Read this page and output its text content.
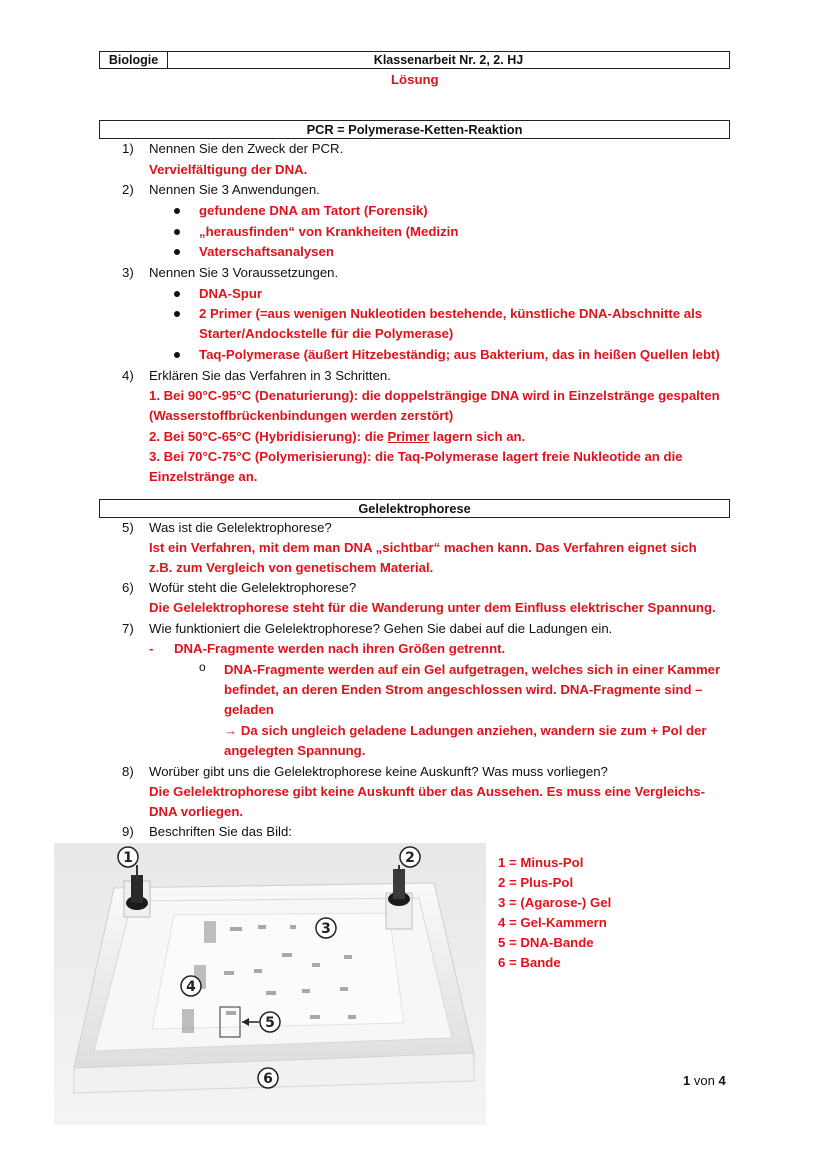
Biologie	Klassenarbeit Nr. 2, 2. HJ
Lösung
PCR = Polymerase-Ketten-Reaktion
1) Nennen Sie den Zweck der PCR.
Vervielfältigung der DNA.
2) Nennen Sie 3 Anwendungen.
gefundene DNA am Tatort (Forensik)
„herausfinden“ von Krankheiten (Medizin
Vaterschaftsanalysen
3) Nennen Sie 3 Voraussetzungen.
DNA-Spur
2 Primer (=aus wenigen Nukleotiden bestehende, künstliche DNA-Abschnitte als
Starter/Andockstelle für die Polymerase)
Taq-Polymerase (äußert Hitzebeständig; aus Bakterium, das in heißen Quellen lebt)
4) Erklären Sie das Verfahren in 3 Schritten.
1. Bei 90°C-95°C (Denaturierung): die doppelsträngige DNA wird in Einzelstränge gespalten
(Wasserstoffbrückenbindungen werden zerstört)
2. Bei 50°C-65°C (Hybridisierung): die Primer lagern sich an.
3. Bei 70°C-75°C (Polymerisierung): die Taq-Polymerase lagert freie Nukleotide an die
Einzelstränge an.
Gelelektrophorese
5) Was ist die Gelelektrophorese?
Ist ein Verfahren, mit dem man DNA „sichtbar“ machen kann. Das Verfahren eignet sich
z.B. zum Vergleich von genetischem Material.
6) Wofür steht die Gelelektrophorese?
Die Gelelektrophorese steht für die Wanderung unter dem Einfluss elektrischer Spannung.
7) Wie funktioniert die Gelelektrophorese? Gehen Sie dabei auf die Ladungen ein.
- DNA-Fragmente werden nach ihren Größen getrennt.
o DNA-Fragmente werden auf ein Gel aufgetragen, welches sich in einer Kammer
befindet, an deren Enden Strom angeschlossen wird. DNA-Fragmente sind –
geladen
→ Da sich ungleich geladene Ladungen anziehen, wandern sie zum + Pol der
angelegten Spannung.
8) Worüber gibt uns die Gelelektrophorese keine Auskunft? Was muss vorliegen?
Die Gelelektrophorese gibt keine Auskunft über das Aussehen. Es muss eine Vergleichs-
DNA vorliegen.
9) Beschriften Sie das Bild:
1	2
3
4
5
6
1 = Minus-Pol
2 = Plus-Pol
3 = (Agarose-) Gel
4 = Gel-Kammern
5 = DNA-Bande
6 = Bande
1 von 4
